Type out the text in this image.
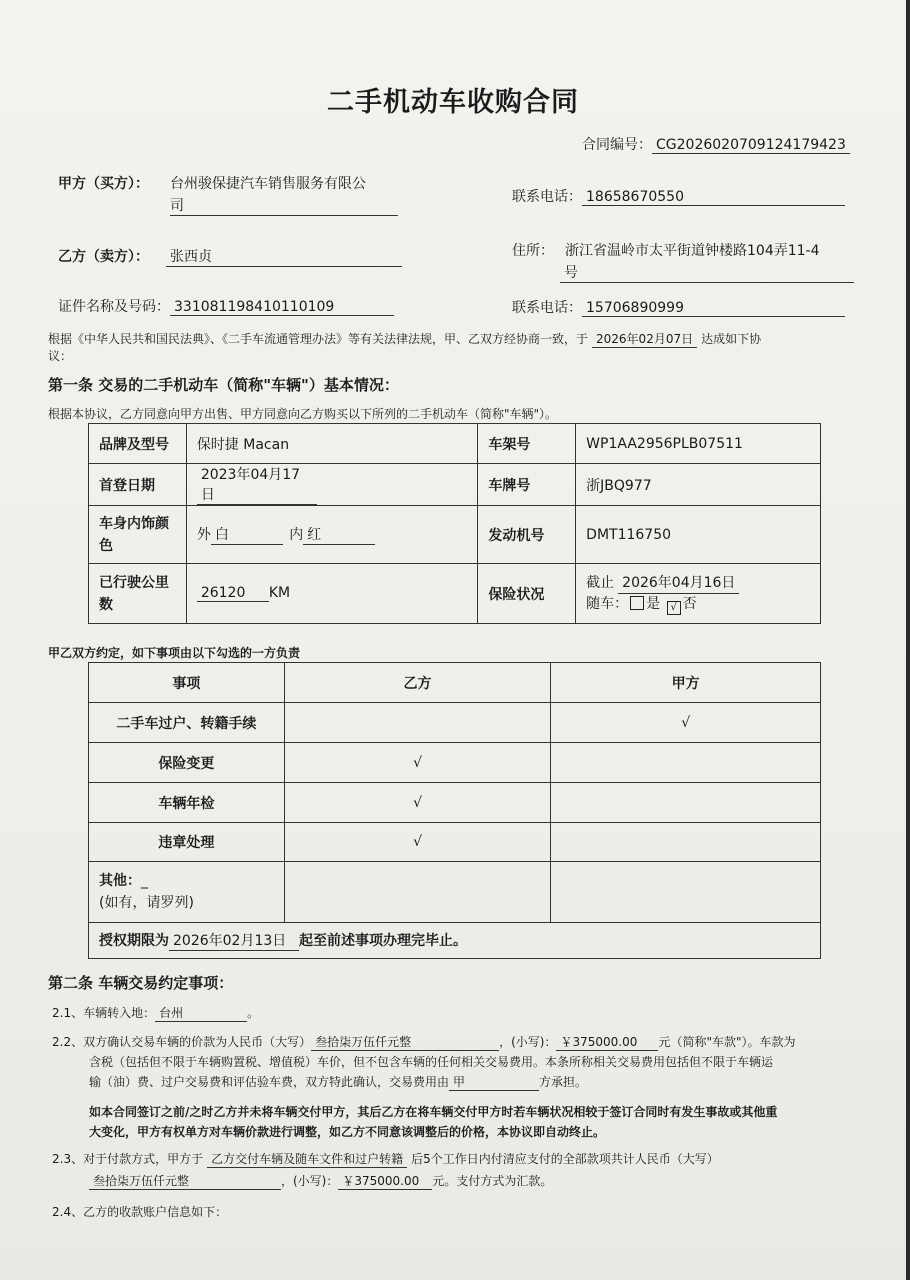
二手机动车收购合同
合同编号： CG2026020709124179423
甲方（买方）： 台州骏保捷汽车销售服务有限公
司
联系电话： 18658670550
乙方（卖方）： 张西贞	住所： 浙江省温岭市太平街道钟楼路104弄11-4
号
证件名称及号码： 331081198410110109	联系电话： 15706890999
根据《中华人民共和国民法典》、《二手车流通管理办法》等有关法律法规，甲、乙双方经协商一致，于 2026年02月07日 达成如下协
议：
第一条 交易的二手机动车（简称"车辆"）基本情况：
根据本协议，乙方同意向甲方出售、甲方同意向乙方购买以下所列的二手机动车（简称"车辆"）。
品牌及型号	保时捷 Macan	车架号	WP1AA2956PLB07511
首登日期	2023年04月17日	车牌号	浙JBQ977
车身内饰颜
色	外 白 内 红	发动机号	DMT116750
已行驶公里
数	26120 KM	保险状况	截止 2026年04月16日
随车： 是 √ 否
甲乙双方约定，如下事项由以下勾选的一方负责
事项	乙方	甲方
二手车过户、转籍手续		√
保险变更	√	
车辆年检	√	
违章处理	√	
其他：_
(如有，请罗列)		
授权期限为 2026年02月13日 起至前述事项办理完毕止。		
第二条 车辆交易约定事项：
2.1、车辆转入地： 台州	。
2.2、双方确认交易车辆的价款为人民币（大写） 叁拾柒万伍仟元整	，(小写)： ￥375000.00 元（简称"车款"）。车款为
含税（包括但不限于车辆购置税、增值税）车价，但不包含车辆的任何相关交易费用。本条所称相关交易费用包括但不限于车辆运
输（油）费、过户交易费和评估验车费，双方特此确认，交易费用由 甲	方承担。
如本合同签订之前/之时乙方并未将车辆交付甲方，其后乙方在将车辆交付甲方时若车辆状况相较于签订合同时有发生事故或其他重
大变化，甲方有权单方对车辆价款进行调整，如乙方不同意该调整后的价格，本协议即自动终止。
2.3、对于付款方式，甲方于 乙方交付车辆及随车文件和过户转籍 后5个工作日内付清应支付的全部款项共计人民币（大写）
叁拾柒万伍仟元整	，(小写)： ￥375000.00 元。支付方式为汇款。
2.4、乙方的收款账户信息如下：
